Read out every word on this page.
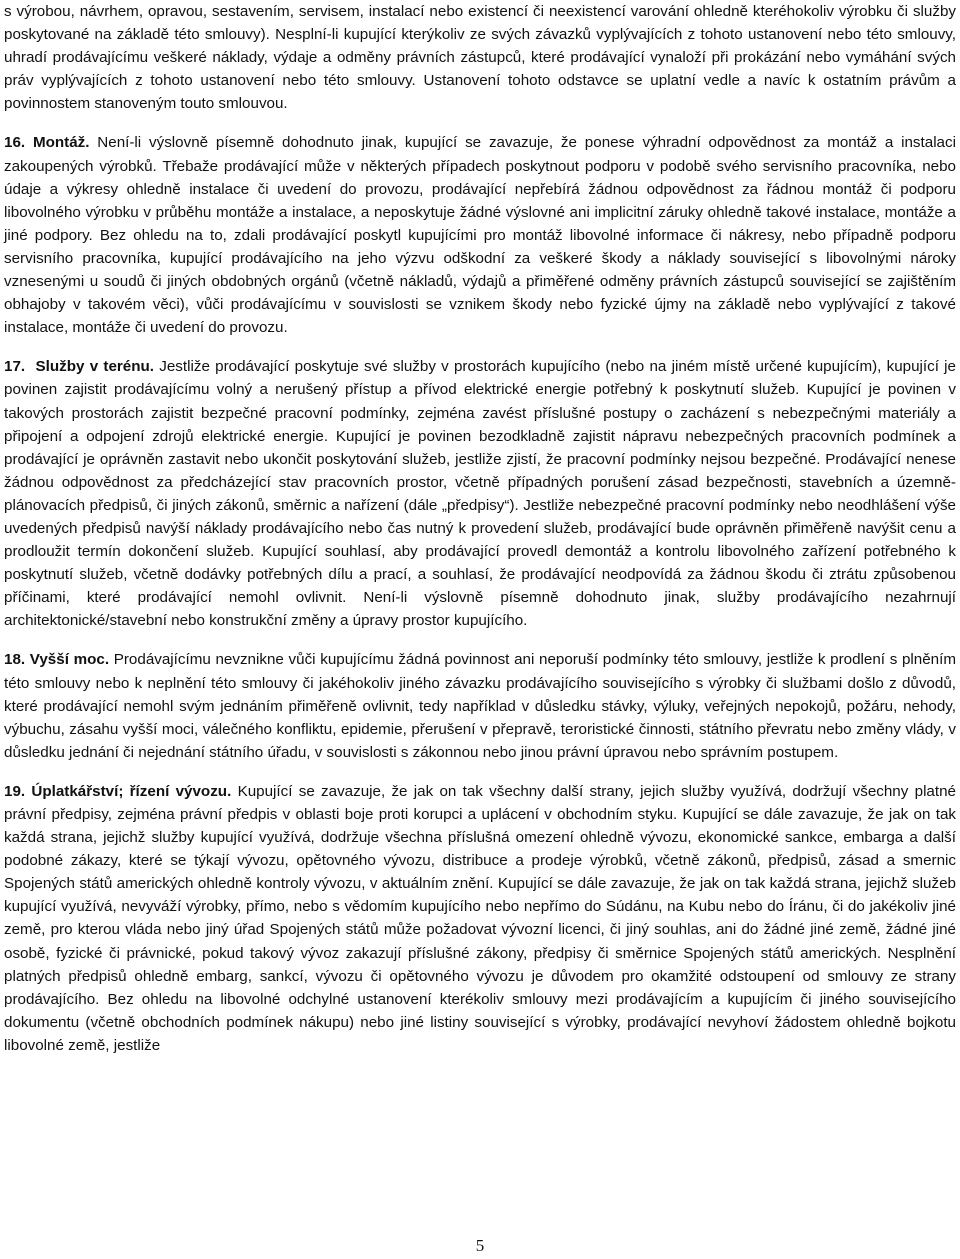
s výrobou, návrhem, opravou, sestavením, servisem, instalací nebo existencí či neexistencí varování ohledně kteréhokoliv výrobku či služby poskytované na základě této smlouvy). Nesplní-li kupující kterýkoliv ze svých závazků vyplývajících z tohoto ustanovení nebo této smlouvy, uhradí prodávajícímu veškeré náklady, výdaje a odměny právních zástupců, které prodávající vynaloží při prokázání nebo vymáhání svých práv vyplývajících z tohoto ustanovení nebo této smlouvy. Ustanovení tohoto odstavce se uplatní vedle a navíc k ostatním právům a povinnostem stanoveným touto smlouvou.

16. Montáž. Není-li výslovně písemně dohodnuto jinak, kupující se zavazuje, že ponese výhradní odpovědnost za montáž a instalaci zakoupených výrobků. Třebaže prodávající může v některých případech poskytnout podporu v podobě svého servisního pracovníka, nebo údaje a výkresy ohledně instalace či uvedení do provozu, prodávající nepřebírá žádnou odpovědnost za řádnou montáž či podporu libovolného výrobku v průběhu montáže a instalace, a neposkytuje žádné výslovné ani implicitní záruky ohledně takové instalace, montáže a jiné podpory. Bez ohledu na to, zdali prodávající poskytl kupujícími pro montáž libovolné informace či nákresy, nebo případně podporu servisního pracovníka, kupující prodávajícího na jeho výzvu odškodní za veškeré škody a náklady související s libovolnými nároky vznesenými u soudů či jiných obdobných orgánů (včetně nákladů, výdajů a přiměřené odměny právních zástupců související se zajištěním obhajoby v takovém věci), vůči prodávajícímu v souvislosti se vznikem škody nebo fyzické újmy na základě nebo vyplývající z takové instalace, montáže či uvedení do provozu.

17.  Služby v terénu. Jestliže prodávající poskytuje své služby v prostorách kupujícího (nebo na jiném místě určené kupujícím), kupující je povinen zajistit prodávajícímu volný a nerušený přístup a přívod elektrické energie potřebný k poskytnutí služeb. Kupující je povinen v takových prostorách zajistit bezpečné pracovní podmínky, zejména zavést příslušné postupy o zacházení s nebezpečnými materiály a připojení a odpojení zdrojů elektrické energie. Kupující je povinen bezodkladně zajistit nápravu nebezpečných pracovních podmínek a prodávající je oprávněn zastavit nebo ukončit poskytování služeb, jestliže zjistí, že pracovní podmínky nejsou bezpečné. Prodávající nenese žádnou odpovědnost za předcházející stav pracovních prostor, včetně případných porušení zásad bezpečnosti, stavebních a územně-plánovacích předpisů, či jiných zákonů, směrnic a nařízení (dále „předpisy“). Jestliže nebezpečné pracovní podmínky nebo neodhlášení výše uvedených předpisů navýší náklady prodávajícího nebo čas nutný k provedení služeb, prodávající bude oprávněn přiměřeně navýšit cenu a prodloužit termín dokončení služeb. Kupující souhlasí, aby prodávající provedl demontáž a kontrolu libovolného zařízení potřebného k poskytnutí služeb, včetně dodávky potřebných dílu a prací, a souhlasí, že prodávající neodpovídá za žádnou škodu či ztrátu způsobenou příčinami, které prodávající nemohl ovlivnit. Není-li výslovně písemně dohodnuto jinak, služby prodávajícího nezahrnují architektonické/stavební nebo konstrukční změny a úpravy prostor kupujícího.

18. Vyšší moc. Prodávajícímu nevznikne vůči kupujícímu žádná povinnost ani neporuší podmínky této smlouvy, jestliže k prodlení s plněním této smlouvy nebo k neplnění této smlouvy či jakéhokoliv jiného závazku prodávajícího souvisejícího s výrobky či službami došlo z důvodů, které prodávající nemohl svým jednáním přiměřeně ovlivnit, tedy například v důsledku stávky, výluky, veřejných nepokojů, požáru, nehody, výbuchu, zásahu vyšší moci, válečného konfliktu, epidemie, přerušení v přepravě, teroristické činnosti, státního převratu nebo změny vlády, v důsledku jednání či nejednání státního úřadu, v souvislosti s zákonnou nebo jinou právní úpravou nebo správním postupem.

19. Úplatkářství; řízení vývozu. Kupující se zavazuje, že jak on tak všechny další strany, jejich služby využívá, dodržují všechny platné právní předpisy, zejména právní předpis v oblasti boje proti korupci a uplácení v obchodním styku. Kupující se dále zavazuje, že jak on tak každá strana, jejichž služby kupující využívá, dodržuje všechna příslušná omezení ohledně vývozu, ekonomické sankce, embarga a další podobné zákazy, které se týkají vývozu, opětovného vývozu, distribuce a prodeje výrobků, včetně zákonů, předpisů, zásad a smernic Spojených států amerických ohledně kontroly vývozu, v aktuálním znění. Kupující se dále zavazuje, že jak on tak každá strana, jejichž služeb kupující využívá, nevyváží výrobky, přímo, nebo s vědomím kupujícího nebo nepřímo do Súdánu, na Kubu nebo do Íránu, či do jakékoliv jiné země, pro kterou vláda nebo jiný úřad Spojených států může požadovat vývozní licenci, či jiný souhlas, ani do žádné jiné země, žádné jiné osobě, fyzické či právnické, pokud takový vývoz zakazují příslušné zákony, předpisy či směrnice Spojených států amerických. Nesplnění platných předpisů ohledně embarg, sankcí, vývozu či opětovného vývozu je důvodem pro okamžité odstoupení od smlouvy ze strany prodávajícího. Bez ohledu na libovolné odchylné ustanovení kterékoliv smlouvy mezi prodávajícím a kupujícím či jiného souvisejícího dokumentu (včetně obchodních podmínek nákupu) nebo jiné listiny související s výrobky, prodávající nevyhoví žádostem ohledně bojkotu libovolné země, jestliže

5
